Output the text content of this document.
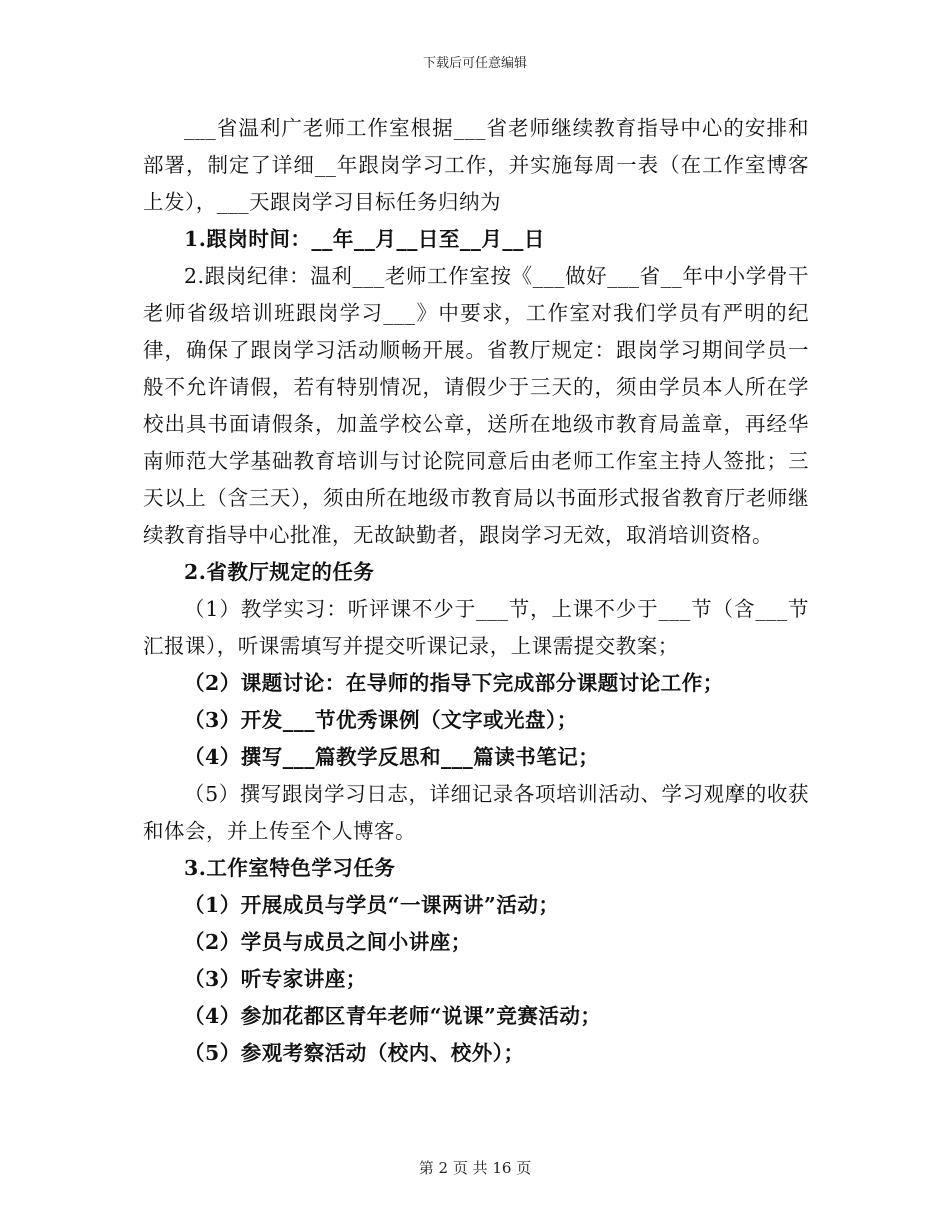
下载后可任意编辑

___省温利广老师工作室根据___省老师继续教育指导中心的安排和部署，制定了详细__年跟岗学习工作，并实施每周一表（在工作室博客上发），___天跟岗学习目标任务归纳为

1.跟岗时间：__年__月__日至__月__日

2.跟岗纪律：温利___老师工作室按《___做好___省__年中小学骨干老师省级培训班跟岗学习___》中要求，工作室对我们学员有严明的纪律，确保了跟岗学习活动顺畅开展。省教厅规定：跟岗学习期间学员一般不允许请假，若有特别情况，请假少于三天的，须由学员本人所在学校出具书面请假条，加盖学校公章，送所在地级市教育局盖章，再经华南师范大学基础教育培训与讨论院同意后由老师工作室主持人签批；三天以上（含三天），须由所在地级市教育局以书面形式报省教育厅老师继续教育指导中心批准，无故缺勤者，跟岗学习无效，取消培训资格。

2.省教厅规定的任务

（1）教学实习：听评课不少于___节，上课不少于___节（含___节汇报课），听课需填写并提交听课记录，上课需提交教案；

（2）课题讨论：在导师的指导下完成部分课题讨论工作；

（3）开发___节优秀课例（文字或光盘）；

（4）撰写___篇教学反思和___篇读书笔记；

（5）撰写跟岗学习日志，详细记录各项培训活动、学习观摩的收获和体会，并上传至个人博客。

3.工作室特色学习任务

（1）开展成员与学员“一课两讲”活动；

（2）学员与成员之间小讲座；

（3）听专家讲座；

（4）参加花都区青年老师“说课”竞赛活动；

（5）参观考察活动（校内、校外）；

第 2 页 共 16 页
